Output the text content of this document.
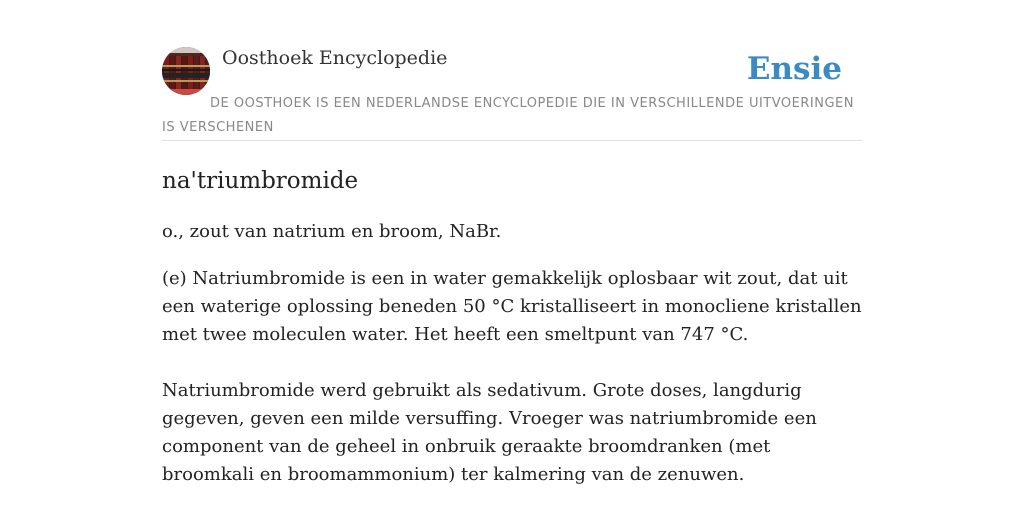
Oosthoek Encyclopedie	Ensie
DE OOSTHOEK IS EEN NEDERLANDSE ENCYCLOPEDIE DIE IN VERSCHILLENDE UITVOERINGEN IS VERSCHENEN
na'triumbromide

o., zout van natrium en broom, NaBr.

(e) Natriumbromide is een in water gemakkelijk oplosbaar wit zout, dat uit een waterige oplossing beneden 50 °C kristalliseert in monocliene kristallen met twee moleculen water. Het heeft een smeltpunt van 747 °C.

Natriumbromide werd gebruikt als sedativum. Grote doses, langdurig gegeven, geven een milde versuffing. Vroeger was natriumbromide een component van de geheel in onbruik geraakte broomdranken (met broomkali en broomammonium) ter kalmering van de zenuwen.
